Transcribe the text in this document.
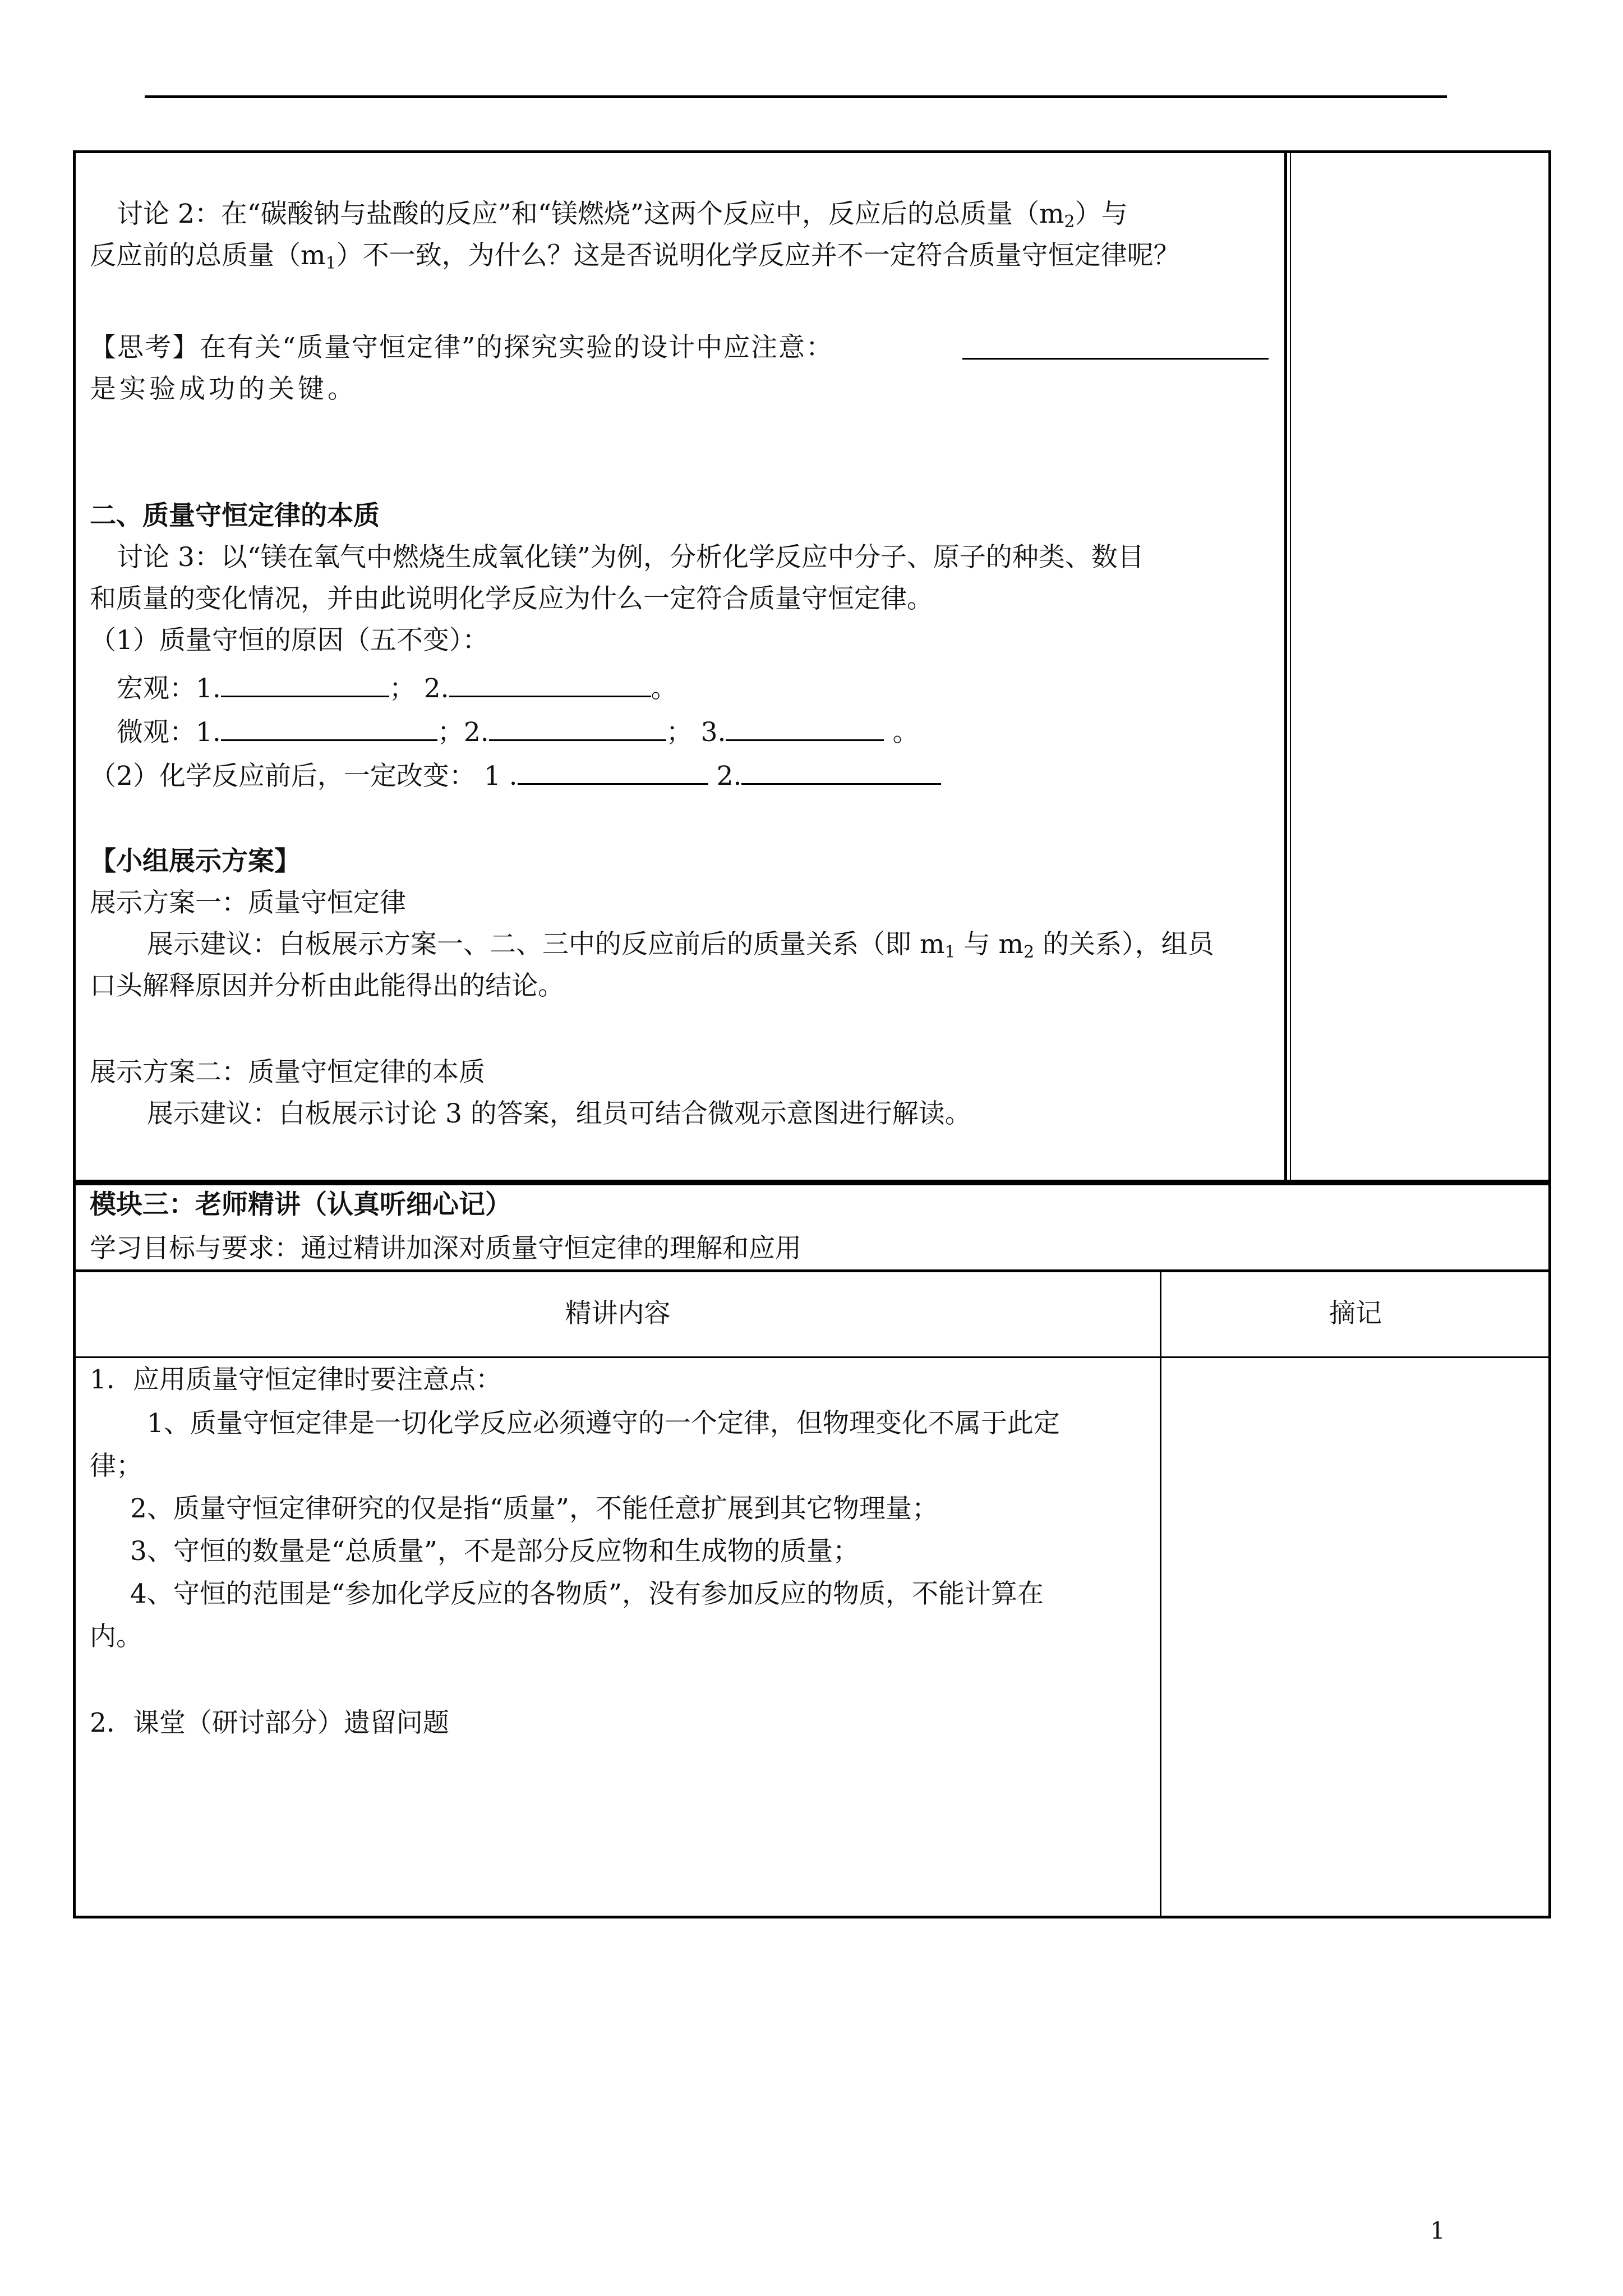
讨论 2：在“碳酸钠与盐酸的反应”和“镁燃烧”这两个反应中，反应后的总质量$(m_2)$与
反应前的总质量$(m_1)$不一致，为什么？这是否说明化学反应并不一定符合质量守恒定律呢？
【思考】在有关“质量守恒定律”的探究实验的设计中应注意：
是实验成功的关键。
二、质量守恒定律的本质
讨论 3：以“镁在氧气中燃烧生成氧化镁”为例，分析化学反应中分子、原子的种类、数目
和质量的变化情况，并由此说明化学反应为什么一定符合质量守恒定律。
（1）质量守恒的原因（五不变）：
宏观：1.	； 2.	。
微观：1.	；2.	； 3.	。
（2）化学反应前后，一定改变： 1 .	2.
【小组展示方案】
展示方案一：质量守恒定律
展示建议：白板展示方案一、二、三中的反应前后的质量关系（即 $m_1$ 与 $m_2$ 的关系），组员
口头解释原因并分析由此能得出的结论。
展示方案二：质量守恒定律的本质
展示建议：白板展示讨论 3 的答案，组员可结合微观示意图进行解读。
模块三：老师精讲（认真听细心记）
学习目标与要求：通过精讲加深对质量守恒定律的理解和应用
精讲内容	摘记
1．应用质量守恒定律时要注意点：
1、质量守恒定律是一切化学反应必须遵守的一个定律，但物理变化不属于此定
律；
2、质量守恒定律研究的仅是指“质量”，不能任意扩展到其它物理量；
3、守恒的数量是“总质量”，不是部分反应物和生成物的质量；
4、守恒的范围是“参加化学反应的各物质”，没有参加反应的物质，不能计算在
内。
2．课堂（研讨部分）遗留问题
1
